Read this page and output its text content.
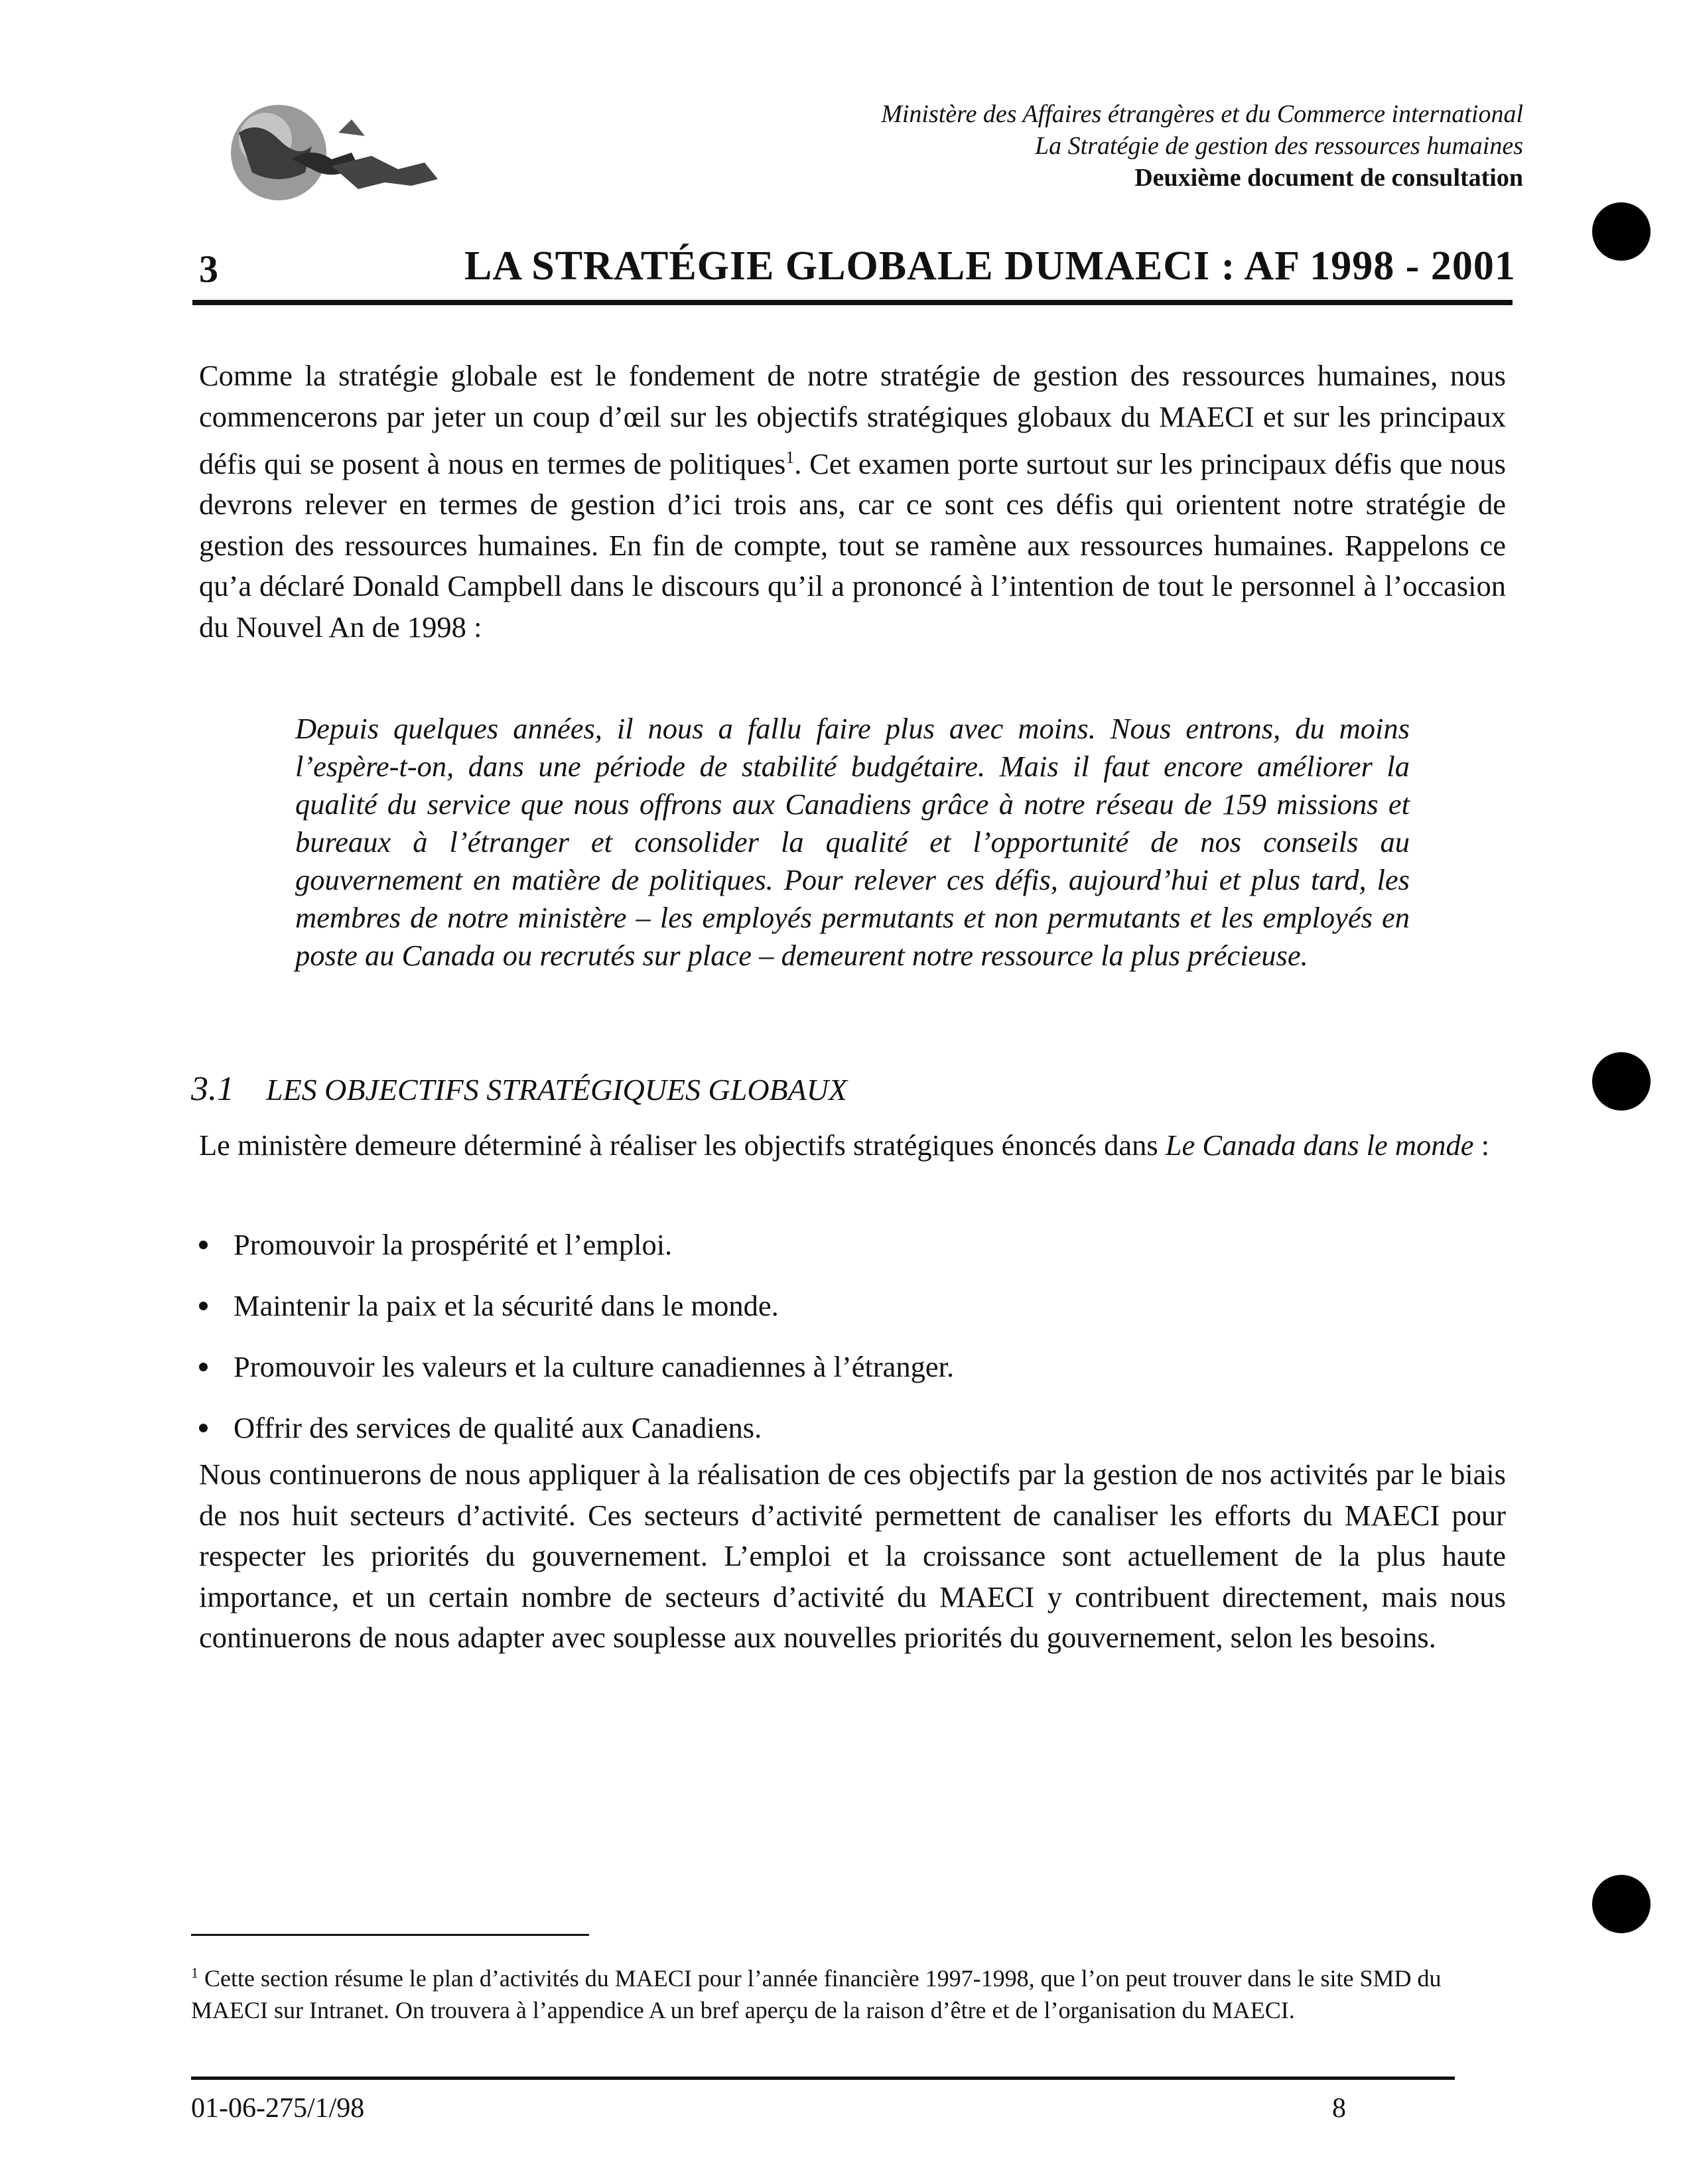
Ministère des Affaires étrangères et du Commerce international
La Stratégie de gestion des ressources humaines
Deuxième document de consultation
3	LA STRATÉGIE GLOBALE DUMAECI : AF 1998 - 2001

Comme la stratégie globale est le fondement de notre stratégie de gestion des ressources humaines, nous commencerons par jeter un coup d’œil sur les objectifs stratégiques globaux du MAECI et sur les principaux défis qui se posent à nous en termes de politiques$^1$. Cet examen porte surtout sur les principaux défis que nous devrons relever en termes de gestion d’ici trois ans, car ce sont ces défis qui orientent notre stratégie de gestion des ressources humaines. En fin de compte, tout se ramène aux ressources humaines. Rappelons ce qu’a déclaré Donald Campbell dans le discours qu’il a prononcé à l’intention de tout le personnel à l’occasion du Nouvel An de 1998 :

Depuis quelques années, il nous a fallu faire plus avec moins. Nous entrons, du moins l’espère-t-on, dans une période de stabilité budgétaire. Mais il faut encore améliorer la qualité du service que nous offrons aux Canadiens grâce à notre réseau de 159 missions et bureaux à l’étranger et consolider la qualité et l’opportunité de nos conseils au gouvernement en matière de politiques. Pour relever ces défis, aujourd’hui et plus tard, les membres de notre ministère – les employés permutants et non permutants et les employés en poste au Canada ou recrutés sur place – demeurent notre ressource la plus précieuse.

3.1 LES OBJECTIFS STRATÉGIQUES GLOBAUX

Le ministère demeure déterminé à réaliser les objectifs stratégiques énoncés dans Le Canada dans le monde :

Promouvoir la prospérité et l’emploi.
Maintenir la paix et la sécurité dans le monde.
Promouvoir les valeurs et la culture canadiennes à l’étranger.
Offrir des services de qualité aux Canadiens.

Nous continuerons de nous appliquer à la réalisation de ces objectifs par la gestion de nos activités par le biais de nos huit secteurs d’activité. Ces secteurs d’activité permettent de canaliser les efforts du MAECI pour respecter les priorités du gouvernement. L’emploi et la croissance sont actuellement de la plus haute importance, et un certain nombre de secteurs d’activité du MAECI y contribuent directement, mais nous continuerons de nous adapter avec souplesse aux nouvelles priorités du gouvernement, selon les besoins.

$^1$ Cette section résume le plan d’activités du MAECI pour l’année financière 1997-1998, que l’on peut trouver dans le site SMD du MAECI sur Intranet. On trouvera à l’appendice A un bref aperçu de la raison d’être et de l’organisation du MAECI.

01-06-275/1/98	8
